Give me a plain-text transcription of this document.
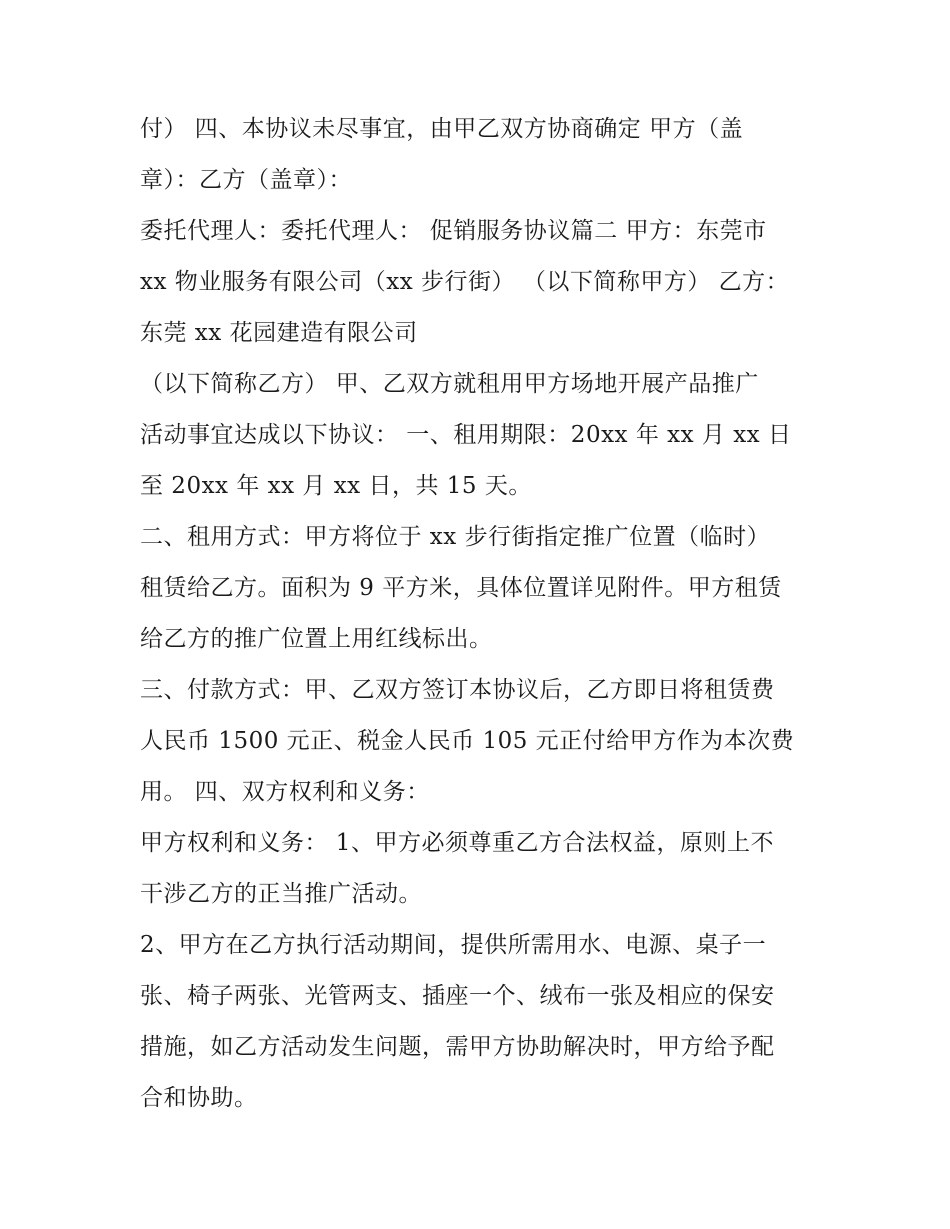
付） 四、本协议未尽事宜，由甲乙双方协商确定 甲方（盖
章）：乙方（盖章）：
委托代理人：委托代理人： 促销服务协议篇二 甲方：东莞市
xx 物业服务有限公司（xx 步行街） （以下简称甲方） 乙方：
东莞 xx 花园建造有限公司
（以下简称乙方） 甲、乙双方就租用甲方场地开展产品推广
活动事宜达成以下协议： 一、租用期限：20xx 年 xx 月 xx 日
至 20xx 年 xx 月 xx 日，共 15 天。
二、租用方式：甲方将位于 xx 步行街指定推广位置（临时）
租赁给乙方。面积为 9 平方米，具体位置详见附件。甲方租赁
给乙方的推广位置上用红线标出。
三、付款方式：甲、乙双方签订本协议后，乙方即日将租赁费
人民币 1500 元正、税金人民币 105 元正付给甲方作为本次费
用。 四、双方权利和义务：
甲方权利和义务： 1、甲方必须尊重乙方合法权益，原则上不
干涉乙方的正当推广活动。
2、甲方在乙方执行活动期间，提供所需用水、电源、桌子一
张、椅子两张、光管两支、插座一个、绒布一张及相应的保安
措施，如乙方活动发生问题，需甲方协助解决时，甲方给予配
合和协助。
